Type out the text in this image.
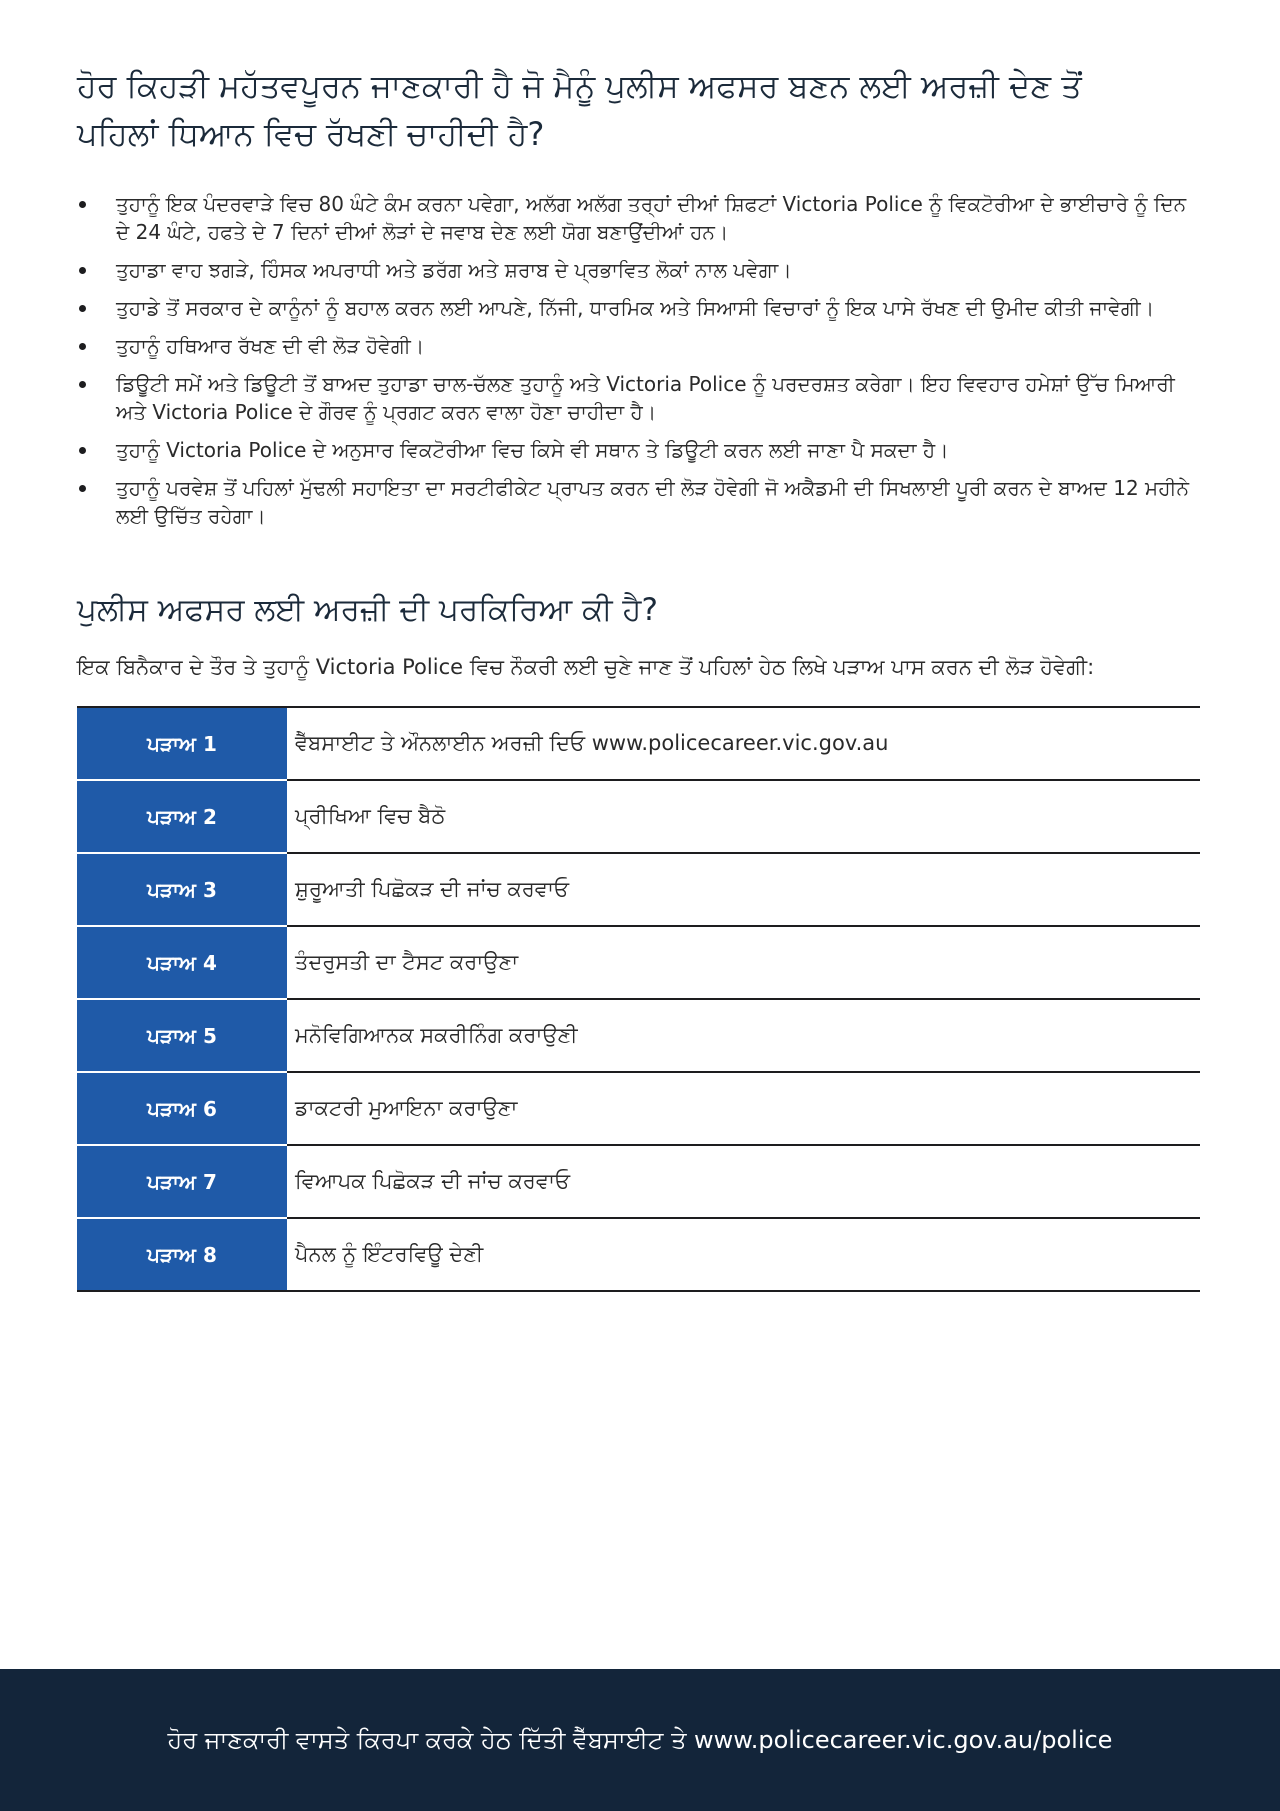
ਹੋਰ ਕਿਹੜੀ ਮਹੱਤਵਪੂਰਨ ਜਾਣਕਾਰੀ ਹੈ ਜੋ ਮੈਨੂੰ ਪੁਲੀਸ ਅਫਸਰ ਬਣਨ ਲਈ ਅਰਜ਼ੀ ਦੇਣ ਤੋਂ ਪਹਿਲਾਂ ਧਿਆਨ ਵਿਚ ਰੱਖਣੀ ਚਾਹੀਦੀ ਹੈ?
ਤੁਹਾਨੂੰ ਇਕ ਪੰਦਰਵਾੜੇ ਵਿਚ 80 ਘੰਟੇ ਕੰਮ ਕਰਨਾ ਪਵੇਗਾ, ਅਲੱਗ ਅਲੱਗ ਤਰ੍ਹਾਂ ਦੀਆਂ ਸ਼ਿਫਟਾਂ Victoria Police ਨੂੰ ਵਿਕਟੋਰੀਆ ਦੇ ਭਾਈਚਾਰੇ ਨੂੰ ਦਿਨ ਦੇ 24 ਘੰਟੇ, ਹਫਤੇ ਦੇ 7 ਦਿਨਾਂ ਦੀਆਂ ਲੋੜਾਂ ਦੇ ਜਵਾਬ ਦੇਣ ਲਈ ਯੋਗ ਬਣਾਉਂਦੀਆਂ ਹਨ।
ਤੁਹਾਡਾ ਵਾਹ ਝਗੜੇ, ਹਿੰਸਕ ਅਪਰਾਧੀ ਅਤੇ ਡਰੱਗ ਅਤੇ ਸ਼ਰਾਬ ਦੇ ਪ੍ਰਭਾਵਿਤ ਲੋਕਾਂ ਨਾਲ ਪਵੇਗਾ।
ਤੁਹਾਡੇ ਤੋਂ ਸਰਕਾਰ ਦੇ ਕਾਨੂੰਨਾਂ ਨੂੰ ਬਹਾਲ ਕਰਨ ਲਈ ਆਪਣੇ, ਨਿੱਜੀ, ਧਾਰਮਿਕ ਅਤੇ ਸਿਆਸੀ ਵਿਚਾਰਾਂ ਨੂੰ ਇਕ ਪਾਸੇ ਰੱਖਣ ਦੀ ਉਮੀਦ ਕੀਤੀ ਜਾਵੇਗੀ।
ਤੁਹਾਨੂੰ ਹਥਿਆਰ ਰੱਖਣ ਦੀ ਵੀ ਲੋੜ ਹੋਵੇਗੀ।
ਡਿਊਟੀ ਸਮੇਂ ਅਤੇ ਡਿਊਟੀ ਤੋਂ ਬਾਅਦ ਤੁਹਾਡਾ ਚਾਲ-ਚੱਲਣ ਤੁਹਾਨੂੰ ਅਤੇ Victoria Police ਨੂੰ ਪਰਦਰਸ਼ਤ ਕਰੇਗਾ। ਇਹ ਵਿਵਹਾਰ ਹਮੇਸ਼ਾਂ ਉੱਚ ਮਿਆਰੀ ਅਤੇ Victoria Police ਦੇ ਗੌਰਵ ਨੂੰ ਪ੍ਰਗਟ ਕਰਨ ਵਾਲਾ ਹੋਣਾ ਚਾਹੀਦਾ ਹੈ।
ਤੁਹਾਨੂੰ Victoria Police ਦੇ ਅਨੁਸਾਰ ਵਿਕਟੋਰੀਆ ਵਿਚ ਕਿਸੇ ਵੀ ਸਥਾਨ ਤੇ ਡਿਊਟੀ ਕਰਨ ਲਈ ਜਾਣਾ ਪੈ ਸਕਦਾ ਹੈ।
ਤੁਹਾਨੂੰ ਪਰਵੇਸ਼ ਤੋਂ ਪਹਿਲਾਂ ਮੁੱਢਲੀ ਸਹਾਇਤਾ ਦਾ ਸਰਟੀਫੀਕੇਟ ਪ੍ਰਾਪਤ ਕਰਨ ਦੀ ਲੋੜ ਹੋਵੇਗੀ ਜੋ ਅਕੈਡਮੀ ਦੀ ਸਿਖਲਾਈ ਪੂਰੀ ਕਰਨ ਦੇ ਬਾਅਦ 12 ਮਹੀਨੇ ਲਈ ਉਚਿੱਤ ਰਹੇਗਾ।
ਪੁਲੀਸ ਅਫਸਰ ਲਈ ਅਰਜ਼ੀ ਦੀ ਪਰਕਿਰਿਆ ਕੀ ਹੈ?

ਇਕ ਬਿਨੈਕਾਰ ਦੇ ਤੌਰ ਤੇ ਤੁਹਾਨੂੰ Victoria Police ਵਿਚ ਨੌਕਰੀ ਲਈ ਚੁਣੇ ਜਾਣ ਤੋਂ ਪਹਿਲਾਂ ਹੇਠ ਲਿਖੇ ਪੜਾਅ ਪਾਸ ਕਰਨ ਦੀ ਲੋੜ ਹੋਵੇਗੀ:

ਪੜਾਅ 1	ਵੈੱਬਸਾਈਟ ਤੇ ਔਨਲਾਈਨ ਅਰਜ਼ੀ ਦਿਓ www.policecareer.vic.gov.au
ਪੜਾਅ 2	ਪ੍ਰੀਖਿਆ ਵਿਚ ਬੈਠੋ
ਪੜਾਅ 3	ਸ਼ੁਰੂਆਤੀ ਪਿਛੋਕੜ ਦੀ ਜਾਂਚ ਕਰਵਾਓ
ਪੜਾਅ 4	ਤੰਦਰੁਸਤੀ ਦਾ ਟੈਸਟ ਕਰਾਉਣਾ
ਪੜਾਅ 5	ਮਨੋਵਿਗਿਆਨਕ ਸਕਰੀਨਿੰਗ ਕਰਾਉਣੀ
ਪੜਾਅ 6	ਡਾਕਟਰੀ ਮੁਆਇਨਾ ਕਰਾਉਣਾ
ਪੜਾਅ 7	ਵਿਆਪਕ ਪਿਛੋਕੜ ਦੀ ਜਾਂਚ ਕਰਵਾਓ
ਪੜਾਅ 8	ਪੈਨਲ ਨੂੰ ਇੰਟਰਵਿਊ ਦੇਣੀ
ਹੋਰ ਜਾਣਕਾਰੀ ਵਾਸਤੇ ਕਿਰਪਾ ਕਰਕੇ ਹੇਠ ਦਿੱਤੀ ਵੈੱਬਸਾਈਟ ਤੇ www.policecareer.vic.gov.au/police
